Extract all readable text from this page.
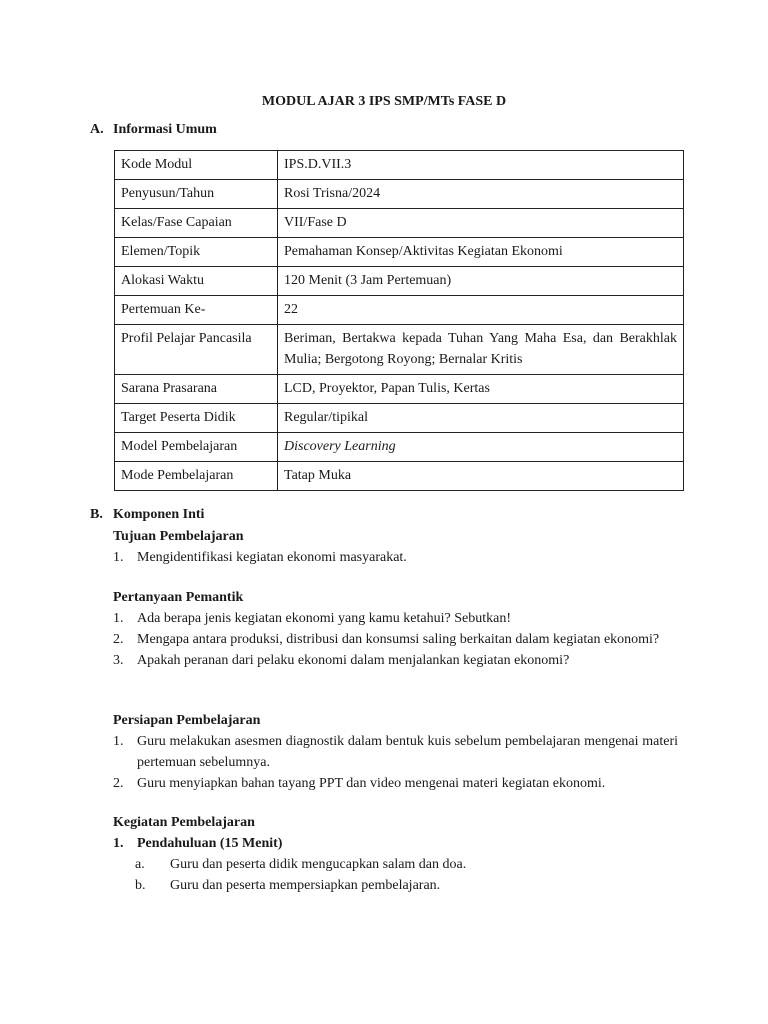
MODUL AJAR 3 IPS SMP/MTs FASE D
A. Informasi Umum
Kode Modul	IPS.D.VII.3
Penyusun/Tahun	Rosi Trisna/2024
Kelas/Fase Capaian	VII/Fase D
Elemen/Topik	Pemahaman Konsep/Aktivitas Kegiatan Ekonomi
Alokasi Waktu	120 Menit (3 Jam Pertemuan)
Pertemuan Ke-	22
Profil Pelajar Pancasila	Beriman, Bertakwa kepada Tuhan Yang Maha Esa, dan Berakhlak Mulia; Bergotong Royong; Bernalar Kritis
Sarana Prasarana	LCD, Proyektor, Papan Tulis, Kertas
Target Peserta Didik	Regular/tipikal
Model Pembelajaran	Discovery Learning
Mode Pembelajaran	Tatap Muka
B. Komponen Inti
Tujuan Pembelajaran
1. Mengidentifikasi kegiatan ekonomi masyarakat.
Pertanyaan Pemantik
1. Ada berapa jenis kegiatan ekonomi yang kamu ketahui? Sebutkan!
2. Mengapa antara produksi, distribusi dan konsumsi saling berkaitan dalam kegiatan ekonomi?
3. Apakah peranan dari pelaku ekonomi dalam menjalankan kegiatan ekonomi?
Persiapan Pembelajaran
1. Guru melakukan asesmen diagnostik dalam bentuk kuis sebelum pembelajaran mengenai materi pertemuan sebelumnya.
2. Guru menyiapkan bahan tayang PPT dan video mengenai materi kegiatan ekonomi.
Kegiatan Pembelajaran
1. Pendahuluan (15 Menit)
a. Guru dan peserta didik mengucapkan salam dan doa.
b. Guru dan peserta mempersiapkan pembelajaran.
